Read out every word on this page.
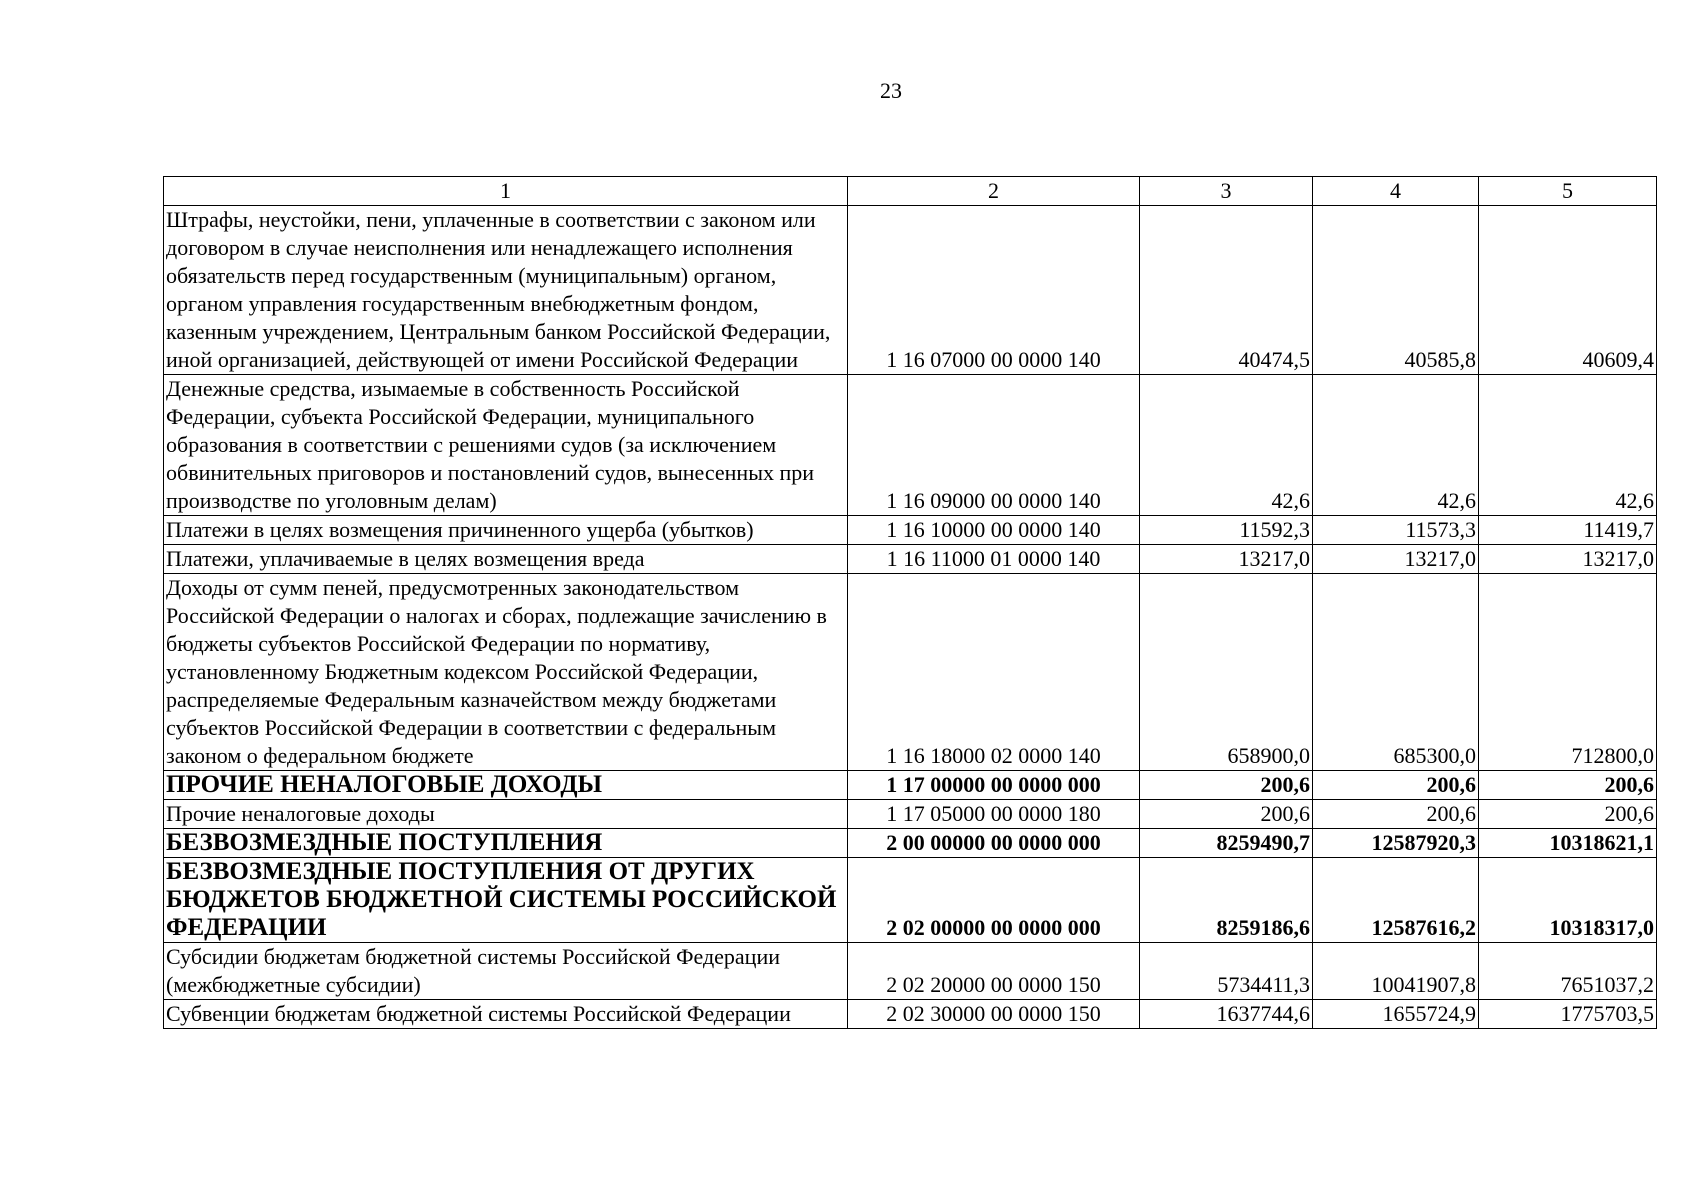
23
1	2	3	4	5
Штрафы, неустойки, пени, уплаченные в соответствии с законом или договором в случае неисполнения или ненадлежащего исполнения обязательств перед государственным (муниципальным) органом, органом управления государственным внебюджетным фондом, казенным учреждением, Центральным банком Российской Федерации, иной организацией, действующей от имени Российской Федерации	1 16 07000 00 0000 140	40474,5	40585,8	40609,4
Денежные средства, изымаемые в собственность Российской Федерации, субъекта Российской Федерации, муниципального образования в соответствии с решениями судов (за исключением обвинительных приговоров и постановлений судов, вынесенных при производстве по уголовным делам)	1 16 09000 00 0000 140	42,6	42,6	42,6
Платежи в целях возмещения причиненного ущерба (убытков)	1 16 10000 00 0000 140	11592,3	11573,3	11419,7
Платежи, уплачиваемые в целях возмещения вреда	1 16 11000 01 0000 140	13217,0	13217,0	13217,0
Доходы от сумм пеней, предусмотренных законодательством Российской Федерации о налогах и сборах, подлежащие зачислению в бюджеты субъектов Российской Федерации по нормативу, установленному Бюджетным кодексом Российской Федерации, распределяемые Федеральным казначейством между бюджетами субъектов Российской Федерации в соответствии с федеральным законом о федеральном бюджете	1 16 18000 02 0000 140	658900,0	685300,0	712800,0
ПРОЧИЕ НЕНАЛОГОВЫЕ ДОХОДЫ	1 17 00000 00 0000 000	200,6	200,6	200,6
Прочие неналоговые доходы	1 17 05000 00 0000 180	200,6	200,6	200,6
БЕЗВОЗМЕЗДНЫЕ ПОСТУПЛЕНИЯ	2 00 00000 00 0000 000	8259490,7	12587920,3	10318621,1
БЕЗВОЗМЕЗДНЫЕ ПОСТУПЛЕНИЯ ОТ ДРУГИХ БЮДЖЕТОВ БЮДЖЕТНОЙ СИСТЕМЫ РОССИЙСКОЙ ФЕДЕРАЦИИ	2 02 00000 00 0000 000	8259186,6	12587616,2	10318317,0
Субсидии бюджетам бюджетной системы Российской Федерации (межбюджетные субсидии)	2 02 20000 00 0000 150	5734411,3	10041907,8	7651037,2
Субвенции бюджетам бюджетной системы Российской Федерации	2 02 30000 00 0000 150	1637744,6	1655724,9	1775703,5
